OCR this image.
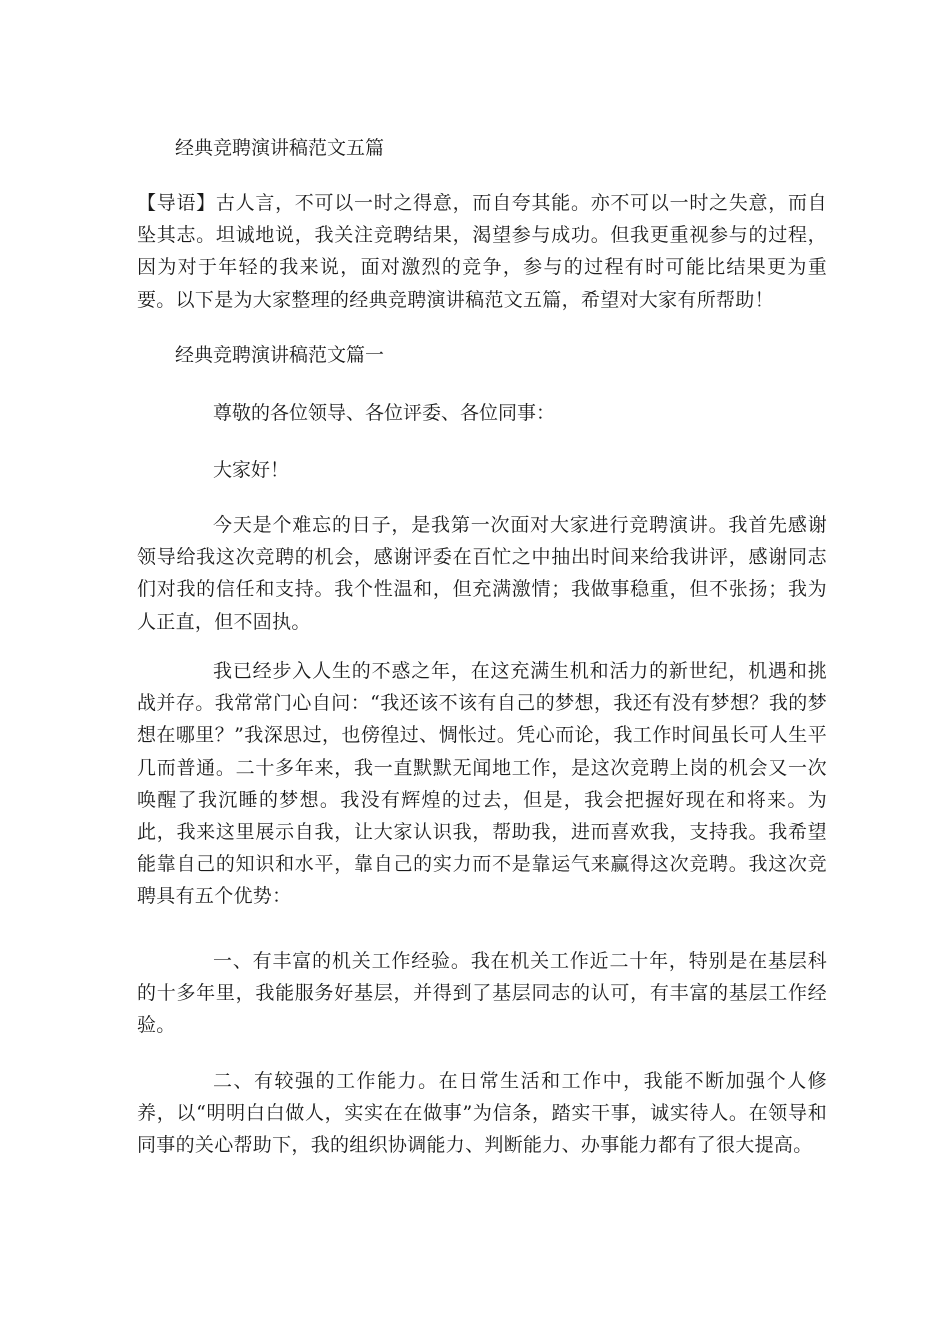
经典竞聘演讲稿范文五篇

【导语】古人言，不可以一时之得意，而自夸其能。亦不可以一时之失意，而自坠其志。坦诚地说，我关注竞聘结果，渴望参与成功。但我更重视参与的过程，因为对于年轻的我来说，面对激烈的竞争，参与的过程有时可能比结果更为重要。以下是为大家整理的经典竞聘演讲稿范文五篇，希望对大家有所帮助！

经典竞聘演讲稿范文篇一
尊敬的各位领导、各位评委、各位同事：
大家好！

今天是个难忘的日子，是我第一次面对大家进行竞聘演讲。我首先感谢领导给我这次竞聘的机会，感谢评委在百忙之中抽出时间来给我讲评，感谢同志们对我的信任和支持。我个性温和，但充满激情；我做事稳重，但不张扬；我为人正直，但不固执。

我已经步入人生的不惑之年，在这充满生机和活力的新世纪，机遇和挑战并存。我常常门心自问：“我还该不该有自己的梦想，我还有没有梦想？我的梦想在哪里？”我深思过，也傍徨过、惆怅过。凭心而论，我工作时间虽长可人生平几而普通。二十多年来，我一直默默无闻地工作，是这次竞聘上岗的机会又一次唤醒了我沉睡的梦想。我没有辉煌的过去，但是，我会把握好现在和将来。为此，我来这里展示自我，让大家认识我，帮助我，进而喜欢我，支持我。我希望能靠自己的知识和水平，靠自己的实力而不是靠运气来赢得这次竞聘。我这次竞聘具有五个优势：

一、有丰富的机关工作经验。我在机关工作近二十年，特别是在基层科的十多年里，我能服务好基层，并得到了基层同志的认可，有丰富的基层工作经验。

二、有较强的工作能力。在日常生活和工作中，我能不断加强个人修养，以“明明白白做人，实实在在做事”为信条，踏实干事，诚实待人。在领导和同事的关心帮助下，我的组织协调能力、判断能力、办事能力都有了很大提高。
